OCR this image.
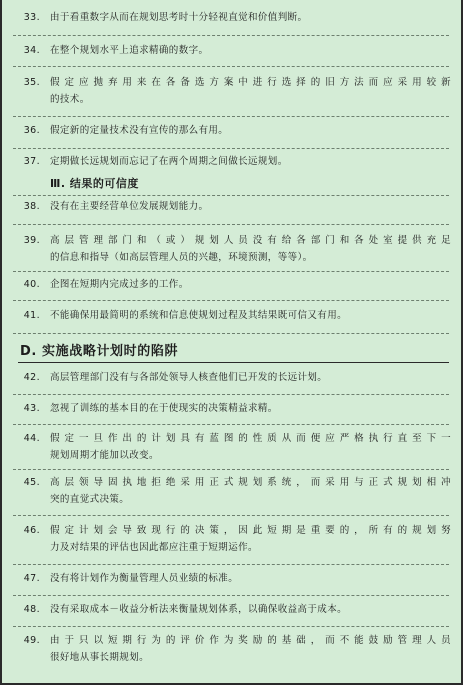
33. 由于看重数字从而在规划思考时十分轻视直觉和价值判断。
34. 在整个规划水平上追求精确的数字。
35. 假定应抛弃用来在各备选方案中进行选择的旧方法而应采用较新
的技术。
36. 假定新的定量技术没有宣传的那么有用。
37. 定期做长远规划而忘记了在两个周期之间做长远规划。
Ⅲ. 结果的可信度
38. 没有在主要经营单位发展规划能力。
39. 高层管理部门和（或）规划人员没有给各部门和各处室提供充足
的信息和指导（如高层管理人员的兴趣，环境预测，等等）。
40. 企图在短期内完成过多的工作。
41. 不能确保用最简明的系统和信息使规划过程及其结果既可信又有用。
D. 实施战略计划时的陷阱
42. 高层管理部门没有与各部处领导人核查他们已开发的长远计划。
43. 忽视了训练的基本目的在于使现实的决策精益求精。
44. 假定一旦作出的计划具有蓝图的性质从而便应严格执行直至下一
规划周期才能加以改变。
45. 高层领导固执地拒绝采用正式规划系统，而采用与正式规划相冲
突的直觉式决策。
46. 假定计划会导致现行的决策，因此短期是重要的，所有的规划努
力及对结果的评估也因此都应注重于短期运作。
47. 没有将计划作为衡量管理人员业绩的标准。
48. 没有采取成本－收益分析法来衡量规划体系，以确保收益高于成本。
49. 由于只以短期行为的评价作为奖励的基础，而不能鼓励管理人员
很好地从事长期规划。
